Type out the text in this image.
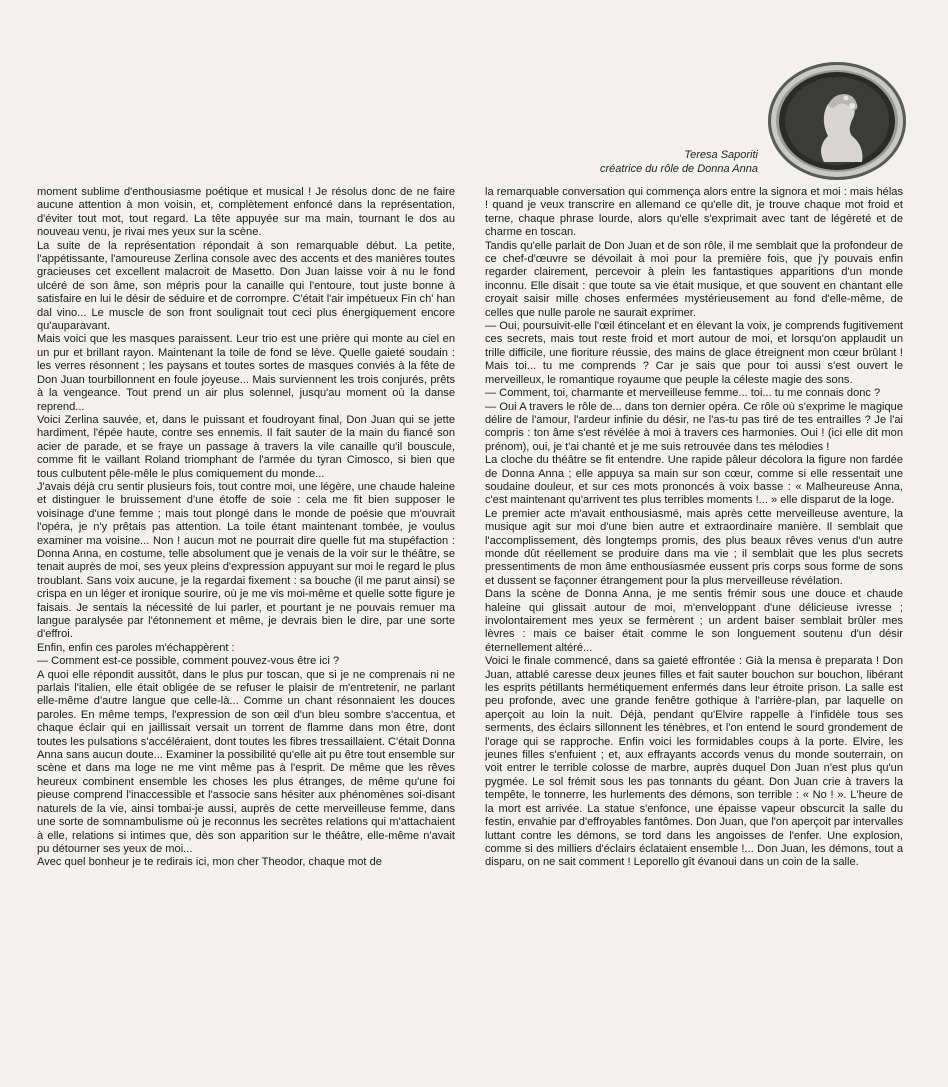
Teresa Saporiti
créatrice du rôle de Donna Anna

moment sublime d'enthousiasme poétique et musical ! Je résolus donc de ne faire aucune attention à mon voisin, et, complètement enfoncé dans la représentation, d'éviter tout mot, tout regard. La tête appuyée sur ma main, tournant le dos au nouveau venu, je rivai mes yeux sur la scène.

La suite de la représentation répondait à son remarquable début. La petite, l'appétissante, l'amoureuse Zerlina console avec des accents et des manières toutes gracieuses cet excellent malacroit de Masetto. Don Juan laisse voir à nu le fond ulcéré de son âme, son mépris pour la canaille qui l'entoure, tout juste bonne à satisfaire en lui le désir de séduire et de corrompre. C'était l'air impétueux Fin ch' han dal vino... Le muscle de son front soulignait tout ceci plus énergiquement encore qu'auparavant.

Mais voici que les masques paraissent. Leur trio est une prière qui monte au ciel en un pur et brillant rayon. Maintenant la toile de fond se lève. Quelle gaieté soudain : les verres résonnent ; les paysans et toutes sortes de masques conviés à la fête de Don Juan tourbillonnent en foule joyeuse... Mais surviennent les trois conjurés, prêts à la vengeance. Tout prend un air plus solennel, jusqu'au moment où la danse reprend...

Voici Zerlina sauvée, et, dans le puissant et foudroyant final, Don Juan qui se jette hardiment, l'épée haute, contre ses ennemis. Il fait sauter de la main du fiancé son acier de parade, et se fraye un passage à travers la vile canaille qu'il bouscule, comme fit le vaillant Roland triomphant de l'armée du tyran Cimosco, si bien que tous culbutent pêle-mêle le plus comiquement du monde...

J'avais déjà cru sentir plusieurs fois, tout contre moi, une légère, une chaude haleine et distinguer le bruissement d'une étoffe de soie : cela me fit bien supposer le voisinage d'une femme ; mais tout plongé dans le monde de poésie que m'ouvrait l'opéra, je n'y prêtais pas attention. La toile étant maintenant tombée, je voulus examiner ma voisine... Non ! aucun mot ne pourrait dire quelle fut ma stupéfaction : Donna Anna, en costume, telle absolument que je venais de la voir sur le théâtre, se tenait auprès de moi, ses yeux pleins d'expression appuyant sur moi le regard le plus troublant. Sans voix aucune, je la regardai fixement : sa bouche (il me parut ainsi) se crispa en un léger et ironique sourire, où je me vis moi-même et quelle sotte figure je faisais. Je sentais la nécessité de lui parler, et pourtant je ne pouvais remuer ma langue paralysée par l'étonnement et même, je devrais bien le dire, par une sorte d'effroi.

Enfin, enfin ces paroles m'échappèrent :

— Comment est-ce possible, comment pouvez-vous être ici ?

A quoi elle répondit aussitôt, dans le plus pur toscan, que si je ne comprenais ni ne parlais l'italien, elle était obligée de se refuser le plaisir de m'entretenir, ne parlant elle-même d'autre langue que celle-là... Comme un chant résonnaient les douces paroles. En même temps, l'expression de son œil d'un bleu sombre s'accentua, et chaque éclair qui en jaillissait versait un torrent de flamme dans mon être, dont toutes les pulsations s'accéléraient, dont toutes les fibres tressaillaient. C'était Donna Anna sans aucun doute... Examiner la possibilité qu'elle ait pu être tout ensemble sur scène et dans ma loge ne me vint même pas à l'esprit. De même que les rêves heureux combinent ensemble les choses les plus étranges, de même qu'une foi pieuse comprend l'inaccessible et l'associe sans hésiter aux phénomènes soi-disant naturels de la vie, ainsi tombai-je aussi, auprès de cette merveilleuse femme, dans une sorte de somnambulisme où je reconnus les secrètes relations qui m'attachaient à elle, relations si intimes que, dès son apparition sur le théâtre, elle-même n'avait pu détourner ses yeux de moi...

Avec quel bonheur je te redirais ici, mon cher Theodor, chaque mot de

la remarquable conversation qui commença alors entre la signora et moi : mais hélas ! quand je veux transcrire en allemand ce qu'elle dit, je trouve chaque mot froid et terne, chaque phrase lourde, alors qu'elle s'exprimait avec tant de légèreté et de charme en toscan.

Tandis qu'elle parlait de Don Juan et de son rôle, il me semblait que la profondeur de ce chef-d'œuvre se dévoilait à moi pour la première fois, que j'y pouvais enfin regarder clairement, percevoir à plein les fantastiques apparitions d'un monde inconnu. Elle disait : que toute sa vie était musique, et que souvent en chantant elle croyait saisir mille choses enfermées mystérieusement au fond d'elle-même, de celles que nulle parole ne saurait exprimer.

— Oui, poursuivit-elle l'œil étincelant et en élevant la voix, je comprends fugitivement ces secrets, mais tout reste froid et mort autour de moi, et lorsqu'on applaudit un trille difficile, une fioriture réussie, des mains de glace étreignent mon cœur brûlant ! Mais toi... tu me comprends ? Car je sais que pour toi aussi s'est ouvert le merveilleux, le romantique royaume que peuple la céleste magie des sons.

— Comment, toi, charmante et merveilleuse femme... toi... tu me connais donc ?

— Oui A travers le rôle de... dans ton dernier opéra. Ce rôle où s'exprime le magique délire de l'amour, l'ardeur infinie du désir, ne l'as-tu pas tiré de tes entrailles ? Je l'ai compris : ton âme s'est révélée à moi à travers ces harmonies. Oui ! (ici elle dit mon prénom), oui, je t'ai chanté et je me suis retrouvée dans tes mélodies !

La cloche du théâtre se fit entendre. Une rapide pâleur décolora la figure non fardée de Donna Anna ; elle appuya sa main sur son cœur, comme si elle ressentait une soudaine douleur, et sur ces mots prononcés à voix basse : « Malheureuse Anna, c'est maintenant qu'arrivent tes plus terribles moments !... » elle disparut de la loge.

Le premier acte m'avait enthousiasmé, mais après cette merveilleuse aventure, la musique agit sur moi d'une bien autre et extraordinaire manière. Il semblait que l'accomplissement, dès longtemps promis, des plus beaux rêves venus d'un autre monde dût réellement se produire dans ma vie ; il semblait que les plus secrets pressentiments de mon âme enthousiasmée eussent pris corps sous forme de sons et dussent se façonner étrangement pour la plus merveilleuse révélation.

Dans la scène de Donna Anna, je me sentis frémir sous une douce et chaude haleine qui glissait autour de moi, m'enveloppant d'une délicieuse ivresse ; involontairement mes yeux se fermèrent ; un ardent baiser semblait brûler mes lèvres : mais ce baiser était comme le son longuement soutenu d'un désir éternellement altéré...

Voici le finale commencé, dans sa gaieté effrontée : Già la mensa è preparata ! Don Juan, attablé caresse deux jeunes filles et fait sauter bouchon sur bouchon, libérant les esprits pétillants hermétiquement enfermés dans leur étroite prison. La salle est peu profonde, avec une grande fenêtre gothique à l'arrière-plan, par laquelle on aperçoit au loin la nuit. Déjà, pendant qu'Elvire rappelle à l'infidèle tous ses serments, des éclairs sillonnent les ténèbres, et l'on entend le sourd grondement de l'orage qui se rapproche. Enfin voici les formidables coups à la porte. Elvire, les jeunes filles s'enfuient ; et, aux effrayants accords venus du monde souterrain, on voit entrer le terrible colosse de marbre, auprès duquel Don Juan n'est plus qu'un pygmée. Le sol frémit sous les pas tonnants du géant. Don Juan crie à travers la tempête, le tonnerre, les hurlements des démons, son terrible : « No ! ». L'heure de la mort est arrivée. La statue s'enfonce, une épaisse vapeur obscurcit la salle du festin, envahie par d'effroyables fantômes. Don Juan, que l'on aperçoit par intervalles luttant contre les démons, se tord dans les angoisses de l'enfer. Une explosion, comme si des milliers d'éclairs éclataient ensemble !... Don Juan, les démons, tout a disparu, on ne sait comment ! Leporello gît évanoui dans un coin de la salle.
